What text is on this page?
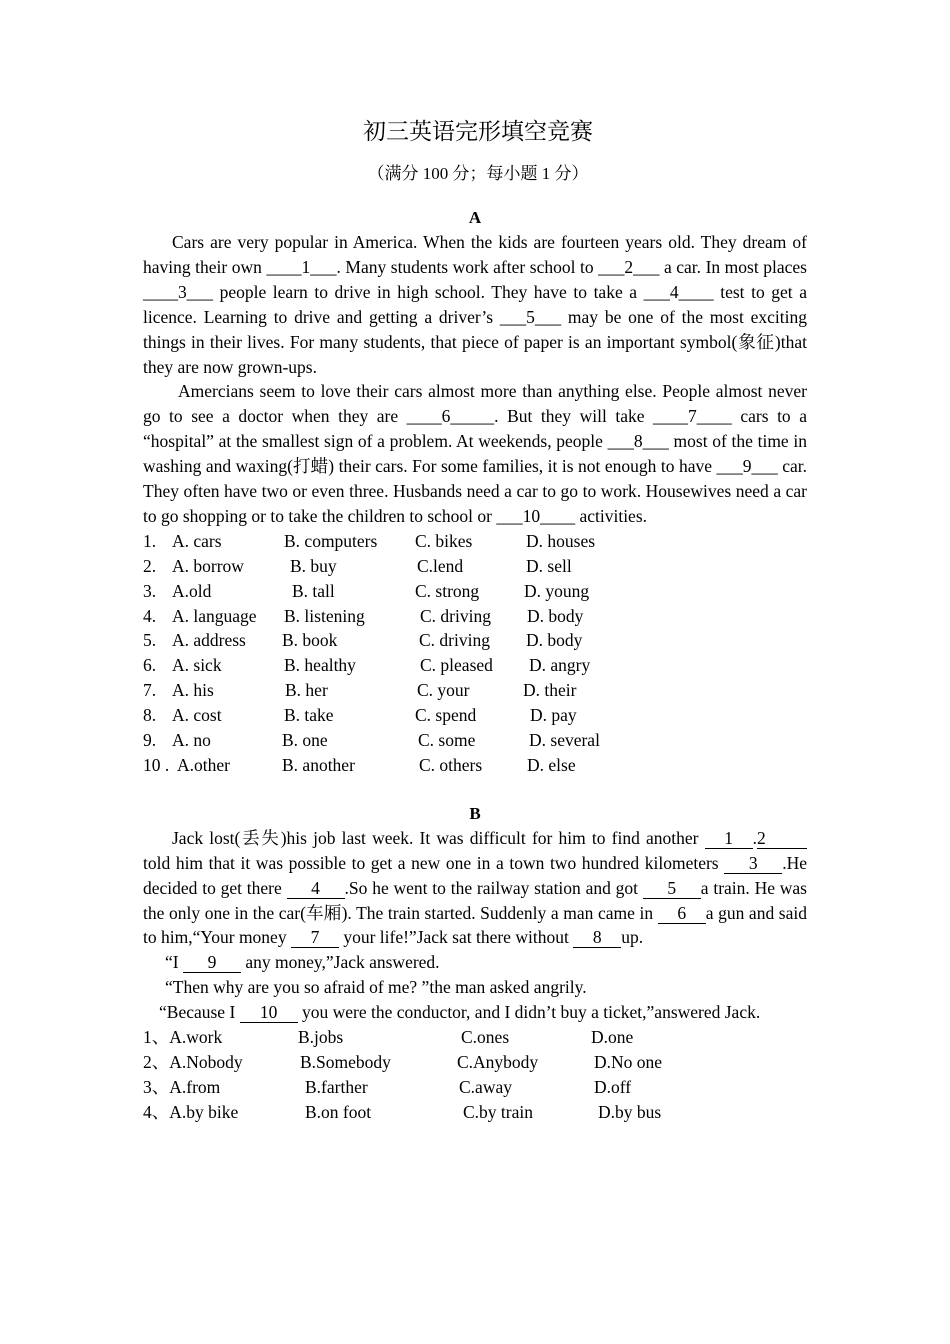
初三英语完形填空竞赛
（满分 100 分；每小题 1 分）
A

Cars are very popular in America. When the kids are fourteen years old. They dream of having their own ____1___. Many students work after school to ___2___ a car. In most places ____3___ people learn to drive in high school. They have to take a ___4____ test to get a licence. Learning to drive and getting a driver’s ___5___ may be one of the most exciting things in their lives. For many students, that piece of paper is an important symbol(象征)that they are now grown-ups.

Amercians seem to love their cars almost more than anything else. People almost never go to see a doctor when they are ____6_____. But they will take ____7____ cars to a “hospital” at the smallest sign of a problem. At weekends, people ___8___ most of the time in washing and waxing(打蜡) their cars. For some families, it is not enough to have ___9___ car. They often have two or even three. Husbands need a car to go to work. Housewives need a car to go shopping or to take the children to school or ___10____ activities.

1. A. cars	B. computers C. bikes	D. houses
2. A. borrow	B. buy	C.lend	D. sell
3. A.old	B. tall	C. strong	D. young
4. A. language B. listening	C. driving D. body
5. A. address B. book	C. driving D. body
6. A. sick	B. healthy	C. pleased D. angry
7. A. his	B. her	C. your	D. their
8. A. cost	B. take	C. spend	D. pay
9. A. no	B. one	C. some	D. several
10 . A.other	B. another	C. others	D. else
B

Jack lost(丢失)his job last week. It was difficult for him to find another 1 .2 told him that it was possible to get a new one in a town two hundred kilometers 3 .He decided to get there 4 .So he went to the railway station and got 5 a train. He was the only one in the car(车厢). The train started. Suddenly a man came in 6 a gun and said to him,“Your money 7 your life!”Jack sat there without 8 up.

“I 9 any money,”Jack answered.

“Then why are you so afraid of me? ”the man asked angrily.

“Because I 10 you were the conductor, and I didn’t buy a ticket,”answered Jack.

1、A.work	B.jobs	C.ones	D.one
2、A.Nobody	B.Somebody	C.Anybody	D.No one
3、A.from	B.farther	C.away	D.off
4、A.by bike	B.on foot	C.by train	D.by bus
